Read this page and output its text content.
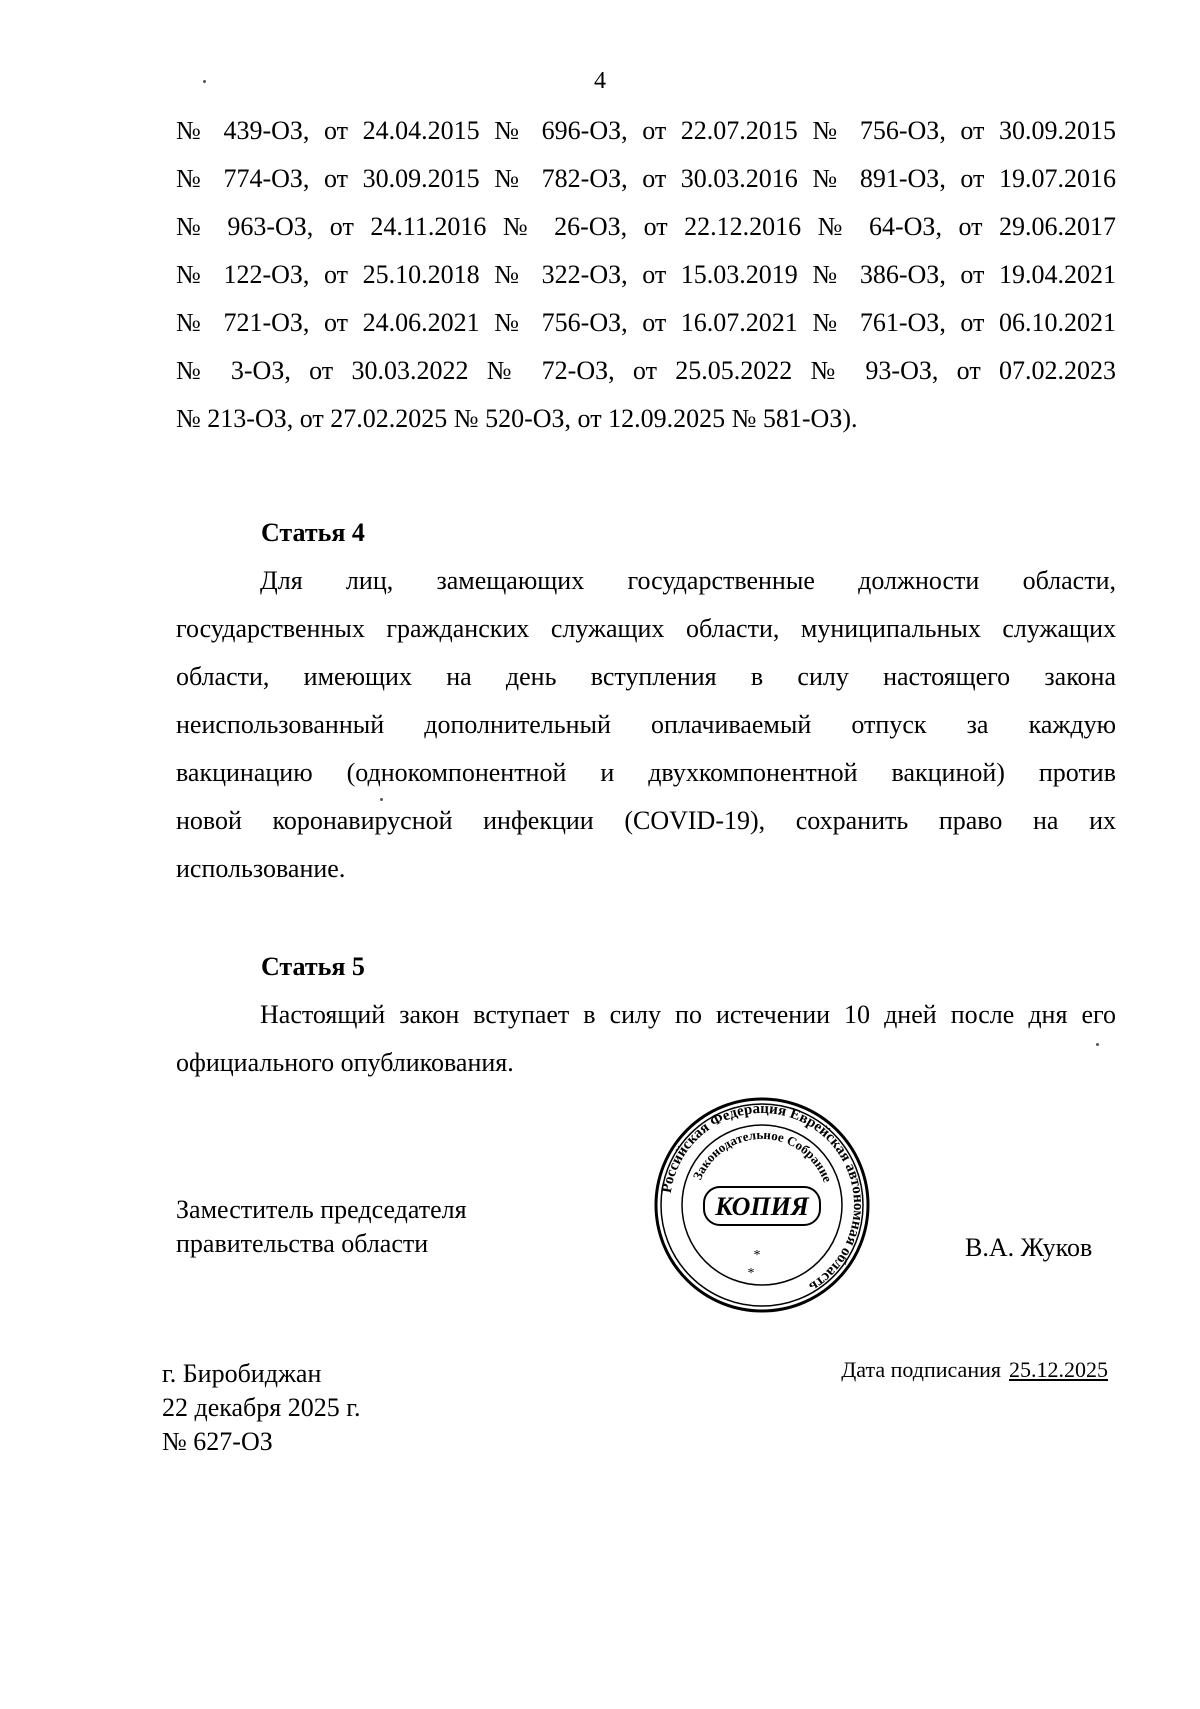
4
№ 439-ОЗ, от 24.04.2015 № 696-ОЗ, от 22.07.2015 № 756-ОЗ, от 30.09.2015
№ 774-ОЗ, от 30.09.2015 № 782-ОЗ, от 30.03.2016 № 891-ОЗ, от 19.07.2016
№ 963-ОЗ, от 24.11.2016 № 26-ОЗ, от 22.12.2016 № 64-ОЗ, от 29.06.2017
№ 122-ОЗ, от 25.10.2018 № 322-ОЗ, от 15.03.2019 № 386-ОЗ, от 19.04.2021
№ 721-ОЗ, от 24.06.2021 № 756-ОЗ, от 16.07.2021 № 761-ОЗ, от 06.10.2021
№ 3-ОЗ, от 30.03.2022 № 72-ОЗ, от 25.05.2022 № 93-ОЗ, от 07.02.2023
№ 213-ОЗ, от 27.02.2025 № 520-ОЗ, от 12.09.2025 № 581-ОЗ).
Статья 4
Для лиц, замещающих государственные должности области,
государственных гражданских служащих области, муниципальных служащих
области, имеющих на день вступления в силу настоящего закона
неиспользованный дополнительный оплачиваемый отпуск за каждую
вакцинацию (однокомпонентной и двухкомпонентной вакциной) против
новой коронавирусной инфекции (COVID-19), сохранить право на их
использование.
Статья 5
Настоящий закон вступает в силу по истечении 10 дней после дня его
официального опубликования.
Заместитель председателя
правительства области
Российская Федерация Еврейская автономная область
Законодательное Собрание
КОПИЯ
*
*
В.А. Жуков
г. Биробиджан
22 декабря 2025 г.
№ 627-ОЗ
Дата подписания 25.12.2025
